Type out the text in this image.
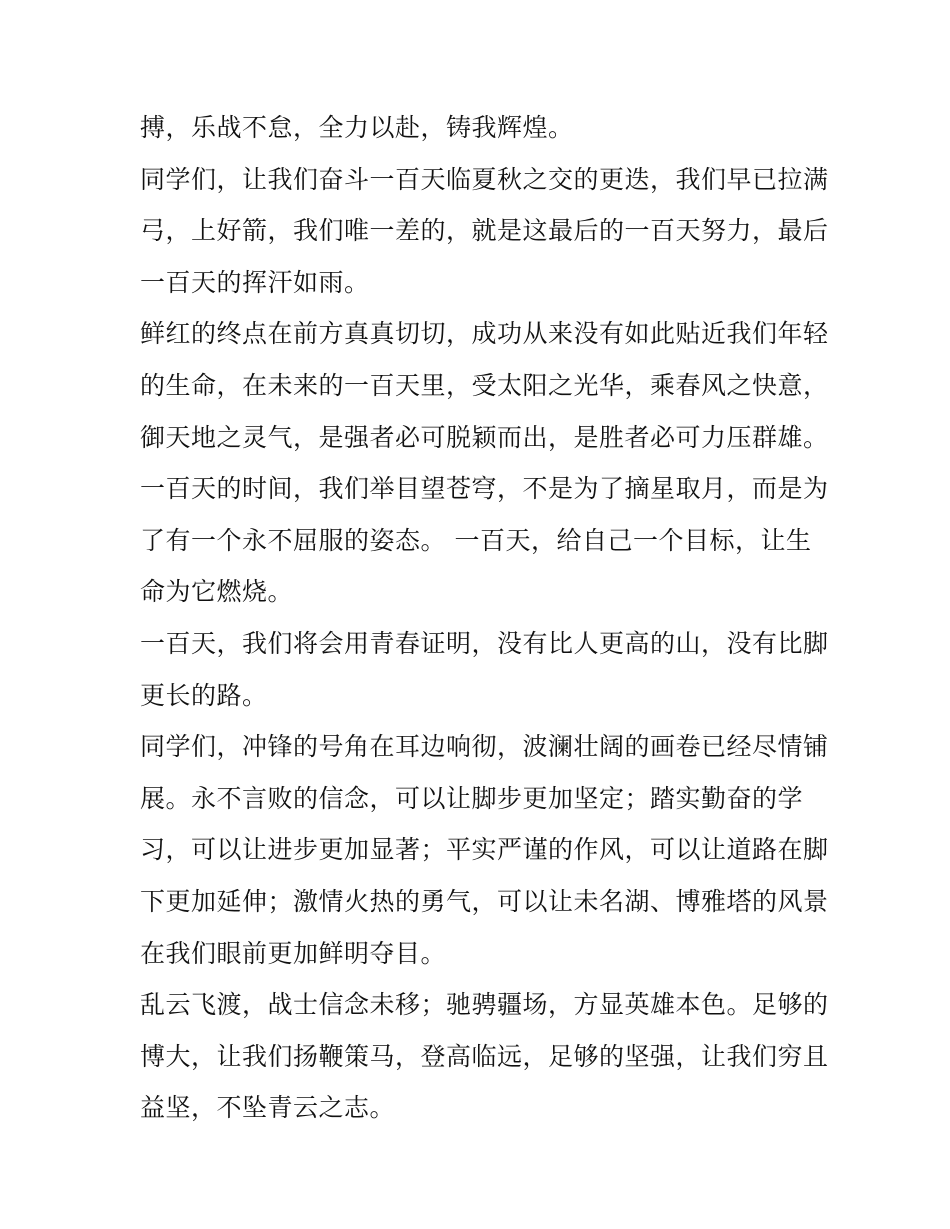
搏，乐战不怠，全力以赴，铸我辉煌。

同学们，让我们奋斗一百天临夏秋之交的更迭，我们早已拉满
弓，上好箭，我们唯一差的，就是这最后的一百天努力，最后
一百天的挥汗如雨。

鲜红的终点在前方真真切切，成功从来没有如此贴近我们年轻
的生命，在未来的一百天里，受太阳之光华，乘春风之快意，
御天地之灵气，是强者必可脱颖而出，是胜者必可力压群雄。

一百天的时间，我们举目望苍穹，不是为了摘星取月，而是为
了有一个永不屈服的姿态。 一百天，给自己一个目标，让生
命为它燃烧。

一百天，我们将会用青春证明，没有比人更高的山，没有比脚
更长的路。

同学们，冲锋的号角在耳边响彻，波澜壮阔的画卷已经尽情铺
展。永不言败的信念，可以让脚步更加坚定；踏实勤奋的学
习，可以让进步更加显著；平实严谨的作风，可以让道路在脚
下更加延伸；激情火热的勇气，可以让未名湖、博雅塔的风景
在我们眼前更加鲜明夺目。

乱云飞渡，战士信念未移；驰骋疆场，方显英雄本色。足够的
博大，让我们扬鞭策马，登高临远，足够的坚强，让我们穷且
益坚，不坠青云之志。
